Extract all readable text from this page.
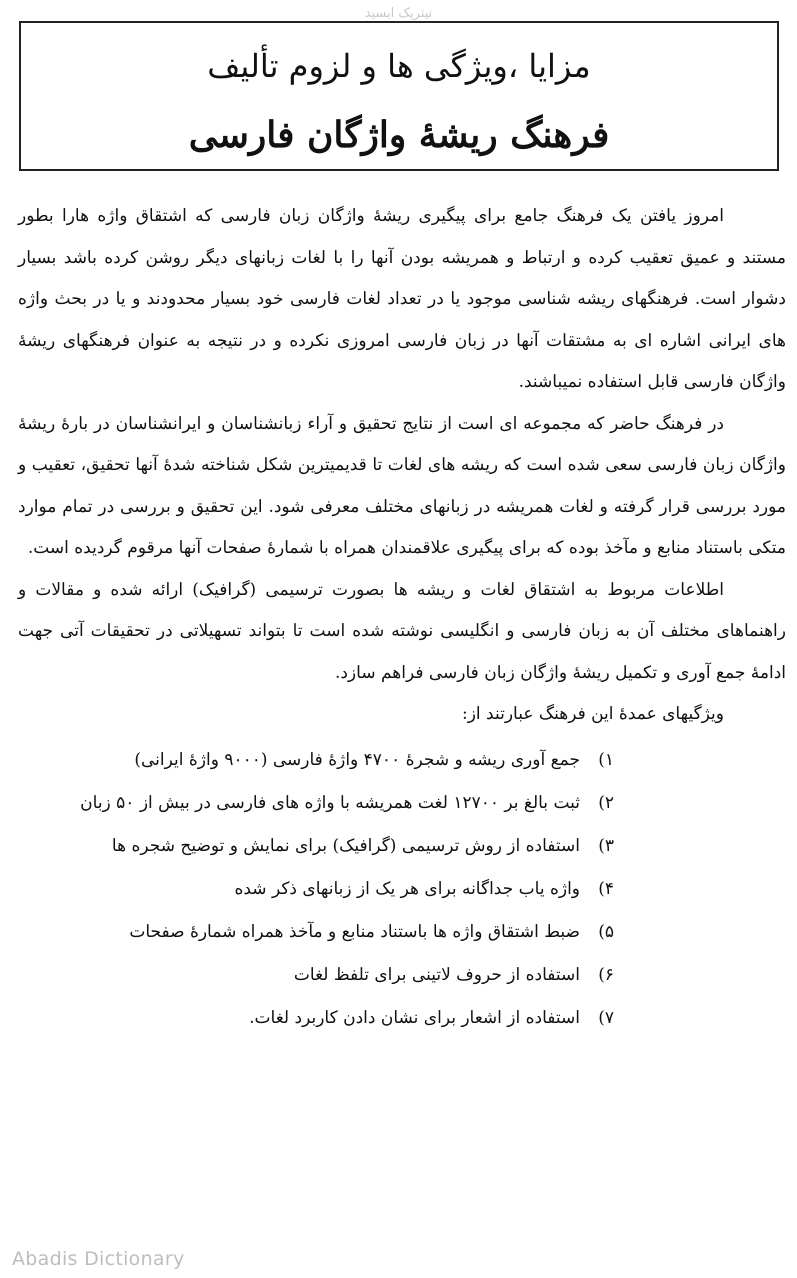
نیترپک ابسید
مزایا ،ویژگی ها و لزوم تألیف
فرهنگ ریشهٔ واژگان فارسی

امروز یافتن یک فرهنگ جامع برای پیگیری ریشهٔ واژگان زبان فارسی که اشتقاق واژه هارا بطور مستند و عمیق تعقیب کرده و ارتباط و همریشه بودن آنها را با لغات زبانهای دیگر روشن کرده باشد بسیار دشوار است. فرهنگهای ریشه شناسی موجود یا در تعداد لغات فارسی خود بسیار محدودند و یا در بحث واژه های ایرانی اشاره ای به مشتقات آنها در زبان فارسی امروزی نکرده و در نتیجه به عنوان فرهنگهای ریشهٔ واژگان فارسی قابل استفاده نمیباشند.

در فرهنگ حاضر که مجموعه ای است از نتایج تحقیق و آراء زبانشناسان و ایرانشناسان در بارهٔ ریشهٔ واژگان زبان فارسی سعی شده است که ریشه های لغات تا قدیمیترین شکل شناخته شدهٔ آنها تحقیق، تعقیب و مورد بررسی قرار گرفته و لغات همریشه در زبانهای مختلف معرفی شود. این تحقیق و بررسی در تمام موارد متکی باستناد منابع و مآخذ بوده که برای پیگیری علاقمندان همراه با شمارهٔ صفحات آنها مرقوم گردیده است.

اطلاعات مربوط به اشتقاق لغات و ریشه ها بصورت ترسیمی (گرافیک) ارائه شده و مقالات و راهنماهای مختلف آن به زبان فارسی و انگلیسی نوشته شده است تا بتواند تسهیلاتی در تحقیقات آتی جهت ادامهٔ جمع آوری و تکمیل ریشهٔ واژگان زبان فارسی فراهم سازد.

ویژگیهای عمدهٔ این فرهنگ عبارتند از:

۱)
جمع آوری ریشه و شجرهٔ ۴۷۰۰ واژهٔ فارسی (۹۰۰۰ واژهٔ ایرانی)
۲)
ثبت بالغ بر ۱۲۷۰۰ لغت همریشه با واژه های فارسی در بیش از ۵۰ زبان
۳)
استفاده از روش ترسیمی (گرافیک) برای نمایش و توضیح شجره ها
۴)
واژه یاب جداگانه برای هر یک از زبانهای ذکر شده
۵)
ضبط اشتقاق واژه ها باستناد منابع و مآخذ همراه شمارهٔ صفحات
۶)
استفاده از حروف لاتینی برای تلفظ لغات
۷)
استفاده از اشعار برای نشان دادن کاربرد لغات.
Abadis Dictionary
